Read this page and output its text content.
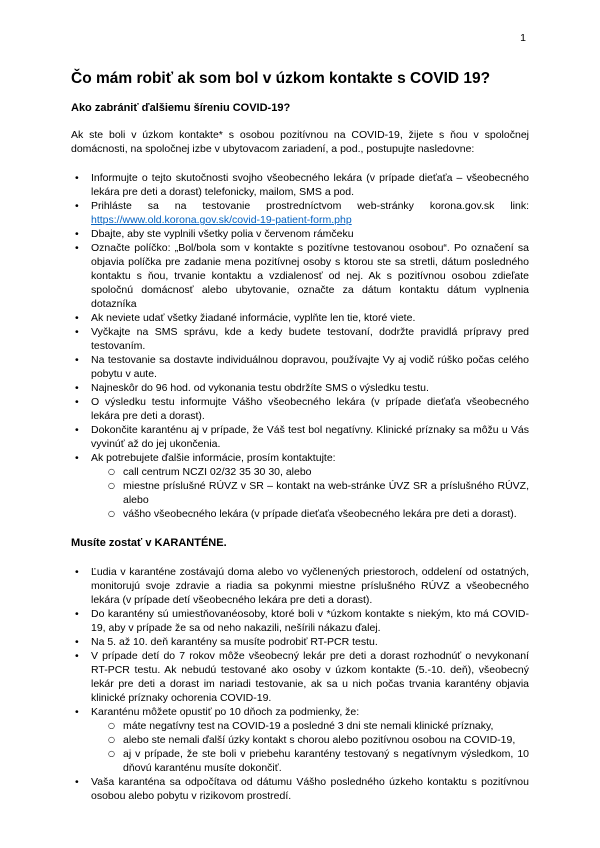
1
Čo mám robiť ak som bol v úzkom kontakte s COVID 19?
Ako zabrániť ďalšiemu šíreniu COVID-19?

Ak ste boli v úzkom kontakte* s osobou pozitívnou na COVID-19, žijete s ňou v spoločnej domácnosti, na spoločnej izbe v ubytovacom zariadení, a pod., postupujte nasledovne:

•	Informujte o tejto skutočnosti svojho všeobecného lekára (v prípade dieťaťa – všeobecného lekára pre deti a dorast) telefonicky, mailom, SMS a pod.
•	Prihláste sa na testovanie prostredníctvom web-stránky korona.gov.sk link: https://www.old.korona.gov.sk/covid-19-patient-form.php
•	Dbajte, aby ste vyplnili všetky polia v červenom rámčeku
•	Označte políčko: „Bol/bola som v kontakte s pozitívne testovanou osobou“. Po označení sa objavia políčka pre zadanie mena pozitívnej osoby s ktorou ste sa stretli, dátum posledného kontaktu s ňou, trvanie kontaktu a vzdialenosť od nej. Ak s pozitívnou osobou zdieľate spoločnú domácnosť alebo ubytovanie, označte za dátum kontaktu dátum vyplnenia dotazníka
•	Ak neviete udať všetky žiadané informácie, vyplňte len tie, ktoré viete.
•	Vyčkajte na SMS správu, kde a kedy budete testovaní, dodržte pravidlá prípravy pred testovaním.
•	Na testovanie sa dostavte individuálnou dopravou, používajte Vy aj vodič rúško počas celého pobytu v aute.
•	Najneskôr do 96 hod. od vykonania testu obdržíte SMS o výsledku testu.
•	O výsledku testu informujte Vášho všeobecného lekára (v prípade dieťaťa všeobecného lekára pre deti a dorast).
•	Dokončite karanténu aj v prípade, že Váš test bol negatívny. Klinické príznaky sa môžu u Vás vyvinúť až do jej ukončenia.
•	Ak potrebujete ďalšie informácie, prosím kontaktujte:
○ call centrum NCZI 02/32 35 30 30, alebo
○ miestne príslušné RÚVZ v SR – kontakt na web-stránke ÚVZ SR a príslušného RÚVZ, alebo
○ vášho všeobecného lekára (v prípade dieťaťa všeobecného lekára pre deti a dorast).
Musíte zostať v KARANTÉNE.
•	Ľudia v karanténe zostávajú doma alebo vo vyčlenených priestoroch, oddelení od ostatných, monitorujú svoje zdravie a riadia sa pokynmi miestne príslušného RÚVZ a všeobecného lekára (v prípade detí všeobecného lekára pre deti a dorast).
•	Do karantény sú umiestňovanéosoby, ktoré boli v *úzkom kontakte s niekým, kto má COVID-19, aby v prípade že sa od neho nakazili, nešírili nákazu ďalej.
•	Na 5. až 10. deň karantény sa musíte podrobiť RT-PCR testu.
•	V prípade detí do 7 rokov môže všeobecný lekár pre deti a dorast rozhodnúť o nevykonaní RT-PCR testu. Ak nebudú testované ako osoby v úzkom kontakte (5.-10. deň), všeobecný lekár pre deti a dorast im nariadi testovanie, ak sa u nich počas trvania karantény objavia klinické príznaky ochorenia COVID-19.
•	Karanténu môžete opustiť po 10 dňoch za podmienky, že:
○ máte negatívny test na COVID-19 a posledné 3 dni ste nemali klinické príznaky,
○ alebo ste nemali ďalší úzky kontakt s chorou alebo pozitívnou osobou na COVID-19,
○ aj v prípade, že ste boli v priebehu karantény testovaný s negatívnym výsledkom, 10 dňovú karanténu musíte dokončiť.
•	Vaša karanténa sa odpočítava od dátumu Vášho posledného úzkeho kontaktu s pozitívnou osobou alebo pobytu v rizikovom prostredí.
